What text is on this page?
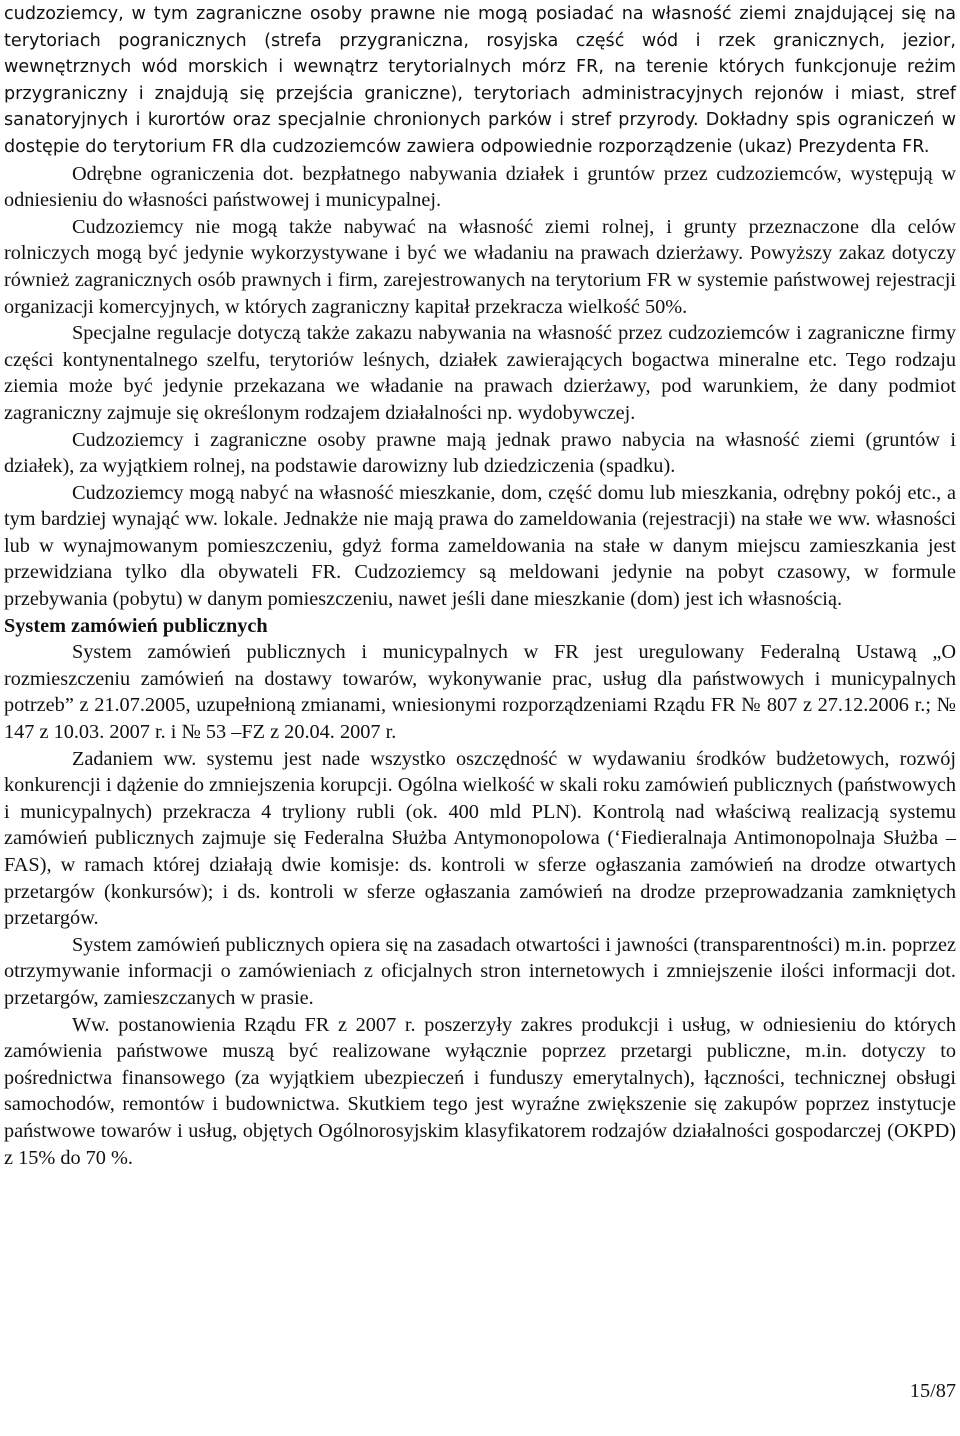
cudzoziemcy, w tym zagraniczne osoby prawne nie mogą posiadać na własność ziemi znajdującej się na terytoriach pogranicznych (strefa przygraniczna, rosyjska część wód i rzek granicznych, jezior, wewnętrznych wód morskich i wewnątrz terytorialnych mórz FR, na terenie których funkcjonuje reżim przygraniczny i znajdują się przejścia graniczne), terytoriach administracyjnych rejonów i miast, stref sanatoryjnych i kurortów oraz specjalnie chronionych parków i stref przyrody. Dokładny spis ograniczeń w dostępie do terytorium FR dla cudzoziemców zawiera odpowiednie rozporządzenie (ukaz) Prezydenta FR.

Odrębne ograniczenia dot. bezpłatnego nabywania działek i gruntów przez cudzoziemców, występują w odniesieniu do własności państwowej i municypalnej.

Cudzoziemcy nie mogą także nabywać na własność ziemi rolnej, i grunty przeznaczone dla celów rolniczych mogą być jedynie wykorzystywane i być we władaniu na prawach dzierżawy. Powyższy zakaz dotyczy również zagranicznych osób prawnych i firm, zarejestrowanych na terytorium FR w systemie państwowej rejestracji organizacji komercyjnych, w których zagraniczny kapitał przekracza wielkość 50%.

Specjalne regulacje dotyczą także zakazu nabywania na własność przez cudzoziemców i zagraniczne firmy części kontynentalnego szelfu, terytoriów leśnych, działek zawierających bogactwa mineralne etc. Tego rodzaju ziemia może być jedynie przekazana we władanie na prawach dzierżawy, pod warunkiem, że dany podmiot zagraniczny zajmuje się określonym rodzajem działalności np. wydobywczej.

Cudzoziemcy i zagraniczne osoby prawne mają jednak prawo nabycia na własność ziemi (gruntów i działek), za wyjątkiem rolnej, na podstawie darowizny lub dziedziczenia (spadku).

Cudzoziemcy mogą nabyć na własność mieszkanie, dom, część domu lub mieszkania, odrębny pokój etc., a tym bardziej wynająć ww. lokale. Jednakże nie mają prawa do zameldowania (rejestracji) na stałe we ww. własności lub w wynajmowanym pomieszczeniu, gdyż forma zameldowania na stałe w danym miejscu zamieszkania jest przewidziana tylko dla obywateli FR. Cudzoziemcy są meldowani jedynie na pobyt czasowy, w formule przebywania (pobytu) w danym pomieszczeniu, nawet jeśli dane mieszkanie (dom) jest ich własnością.

System zamówień publicznych

System zamówień publicznych i municypalnych w FR jest uregulowany Federalną Ustawą „O rozmieszczeniu zamówień na dostawy towarów, wykonywanie prac, usług dla państwowych i municypalnych potrzeb” z 21.07.2005, uzupełnioną zmianami, wniesionymi rozporządzeniami Rządu FR № 807 z 27.12.2006 r.; № 147 z 10.03. 2007 r. i № 53 –FZ z 20.04. 2007 r.

Zadaniem ww. systemu jest nade wszystko oszczędność w wydawaniu środków budżetowych, rozwój konkurencji i dążenie do zmniejszenia korupcji. Ogólna wielkość w skali roku zamówień publicznych (państwowych i municypalnych) przekracza 4 tryliony rubli (ok. 400 mld PLN). Kontrolą nad właściwą realizacją systemu zamówień publicznych zajmuje się Federalna Służba Antymonopolowa (‘Fiedieralnaja Antimonopolnaja Służba – FAS), w ramach której działają dwie komisje: ds. kontroli w sferze ogłaszania zamówień na drodze otwartych przetargów (konkursów); i ds. kontroli w sferze ogłaszania zamówień na drodze przeprowadzania zamkniętych przetargów.

System zamówień publicznych opiera się na zasadach otwartości i jawności (transparentności) m.in. poprzez otrzymywanie informacji o zamówieniach z oficjalnych stron internetowych i zmniejszenie ilości informacji dot. przetargów, zamieszczanych w prasie.

Ww. postanowienia Rządu FR z 2007 r. poszerzyły zakres produkcji i usług, w odniesieniu do których zamówienia państwowe muszą być realizowane wyłącznie poprzez przetargi publiczne, m.in. dotyczy to pośrednictwa finansowego (za wyjątkiem ubezpieczeń i funduszy emerytalnych), łączności, technicznej obsługi samochodów, remontów i budownictwa. Skutkiem tego jest wyraźne zwiększenie się zakupów poprzez instytucje państwowe towarów i usług, objętych Ogólnorosyjskim klasyfikatorem rodzajów działalności gospodarczej (OKPD) z 15% do 70 %.

15/87
